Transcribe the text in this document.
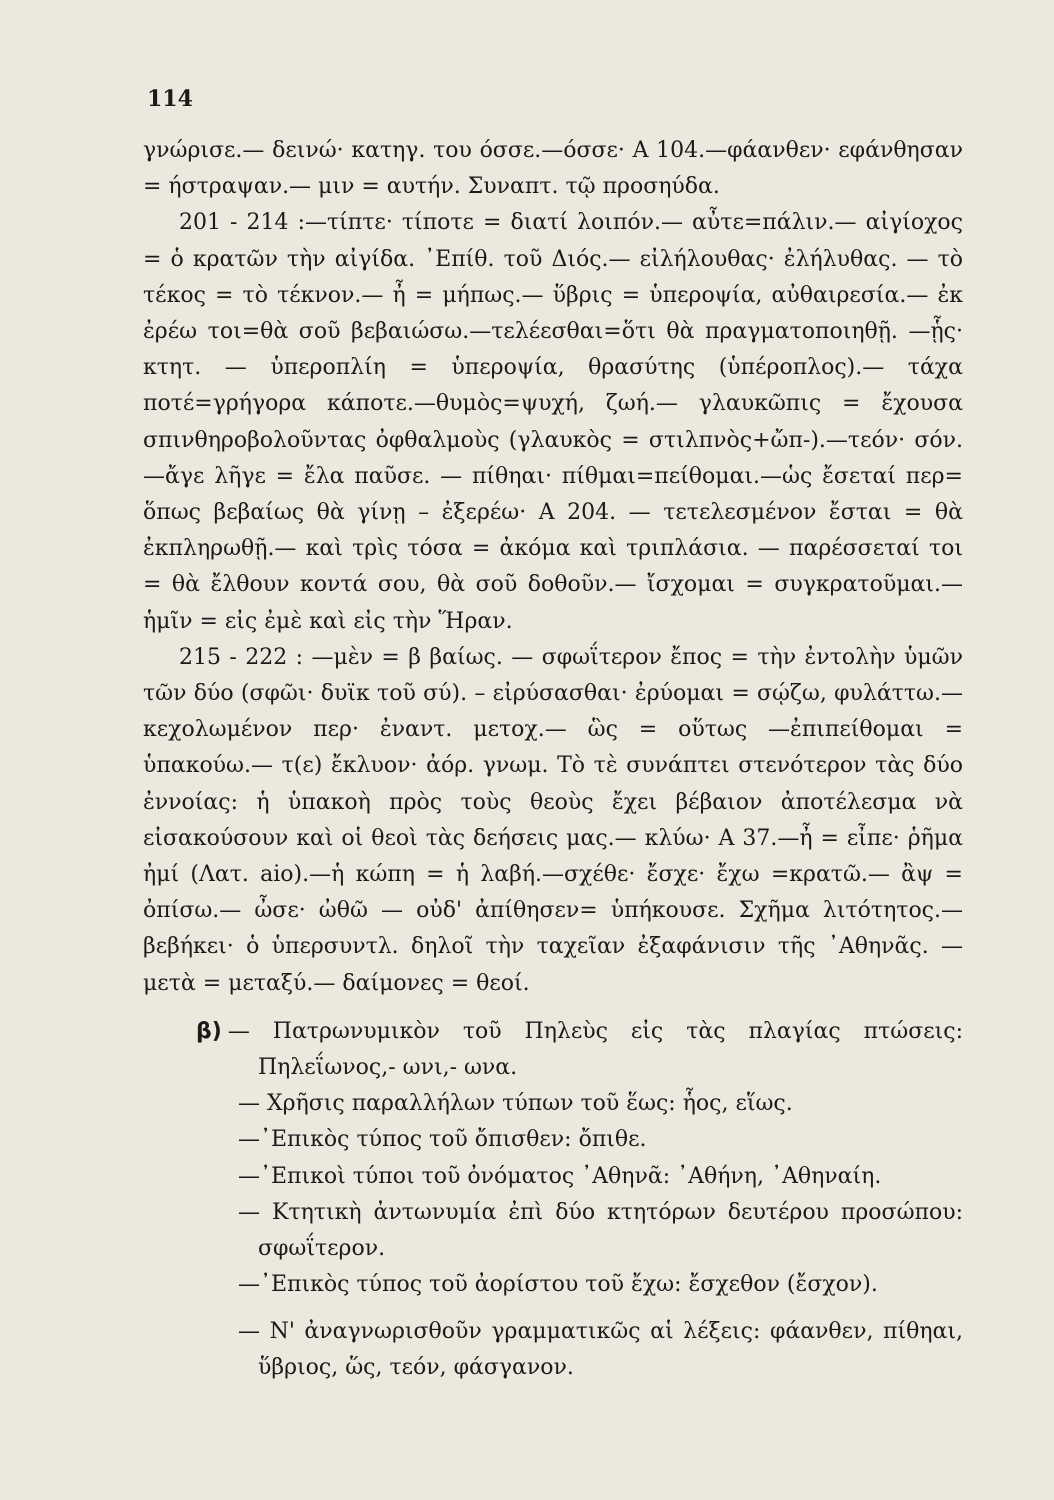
114

γνώρισε.— δεινώ· κατηγ. του όσσε.—όσσε· Α 104.—φάανθεν· εφάνθησαν = ήστραψαν.— μιν = αυτήν. Συναπτ. τῷ προσηύδα.

201 - 214 :—τίπτε· τίποτε = διατί λοιπόν.— αὖτε=πάλιν.— αἰγίοχος = ὁ κρατῶν τὴν αἰγίδα. ᾿Επίθ. τοῦ Διός.— εἰλήλουθας· ἐλήλυθας. — τὸ τέκος = τὸ τέκνον.— ἦ = μήπως.— ὕβρις = ὑπεροψία, αὐθαιρεσία.— ἐκ ἐρέω τοι=θὰ σοῦ βεβαιώσω.—τελέεσθαι=ὅτι θὰ πραγματοποιηθῇ. —ᾗς· κτητ. — ὑπεροπλίη = ὑπεροψία, θρασύτης (ὑπέροπλος).— τάχα ποτέ=γρήγορα κάποτε.—θυμὸς=ψυχή, ζωή.— γλαυκῶπις = ἔχουσα σπινθηροβολοῦντας ὀφθαλμοὺς (γλαυκὸς = στιλπνὸς+ὤπ-).—τεόν· σόν.—ἄγε λῆγε = ἔλα παῦσε. — πίθηαι· πίθμαι=πείθομαι.—ὡς ἔσεταί περ= ὅπως βεβαίως θὰ γίνῃ – ἐξερέω· Α 204. — τετελεσμένον ἔσται = θὰ ἐκπληρωθῇ.— καὶ τρὶς τόσα = ἀκόμα καὶ τριπλάσια. — παρέσσεταί τοι = θὰ ἔλθουν κοντά σου, θὰ σοῦ δοθοῦν.— ἴσχομαι = συγκρατοῦμαι.— ἡμῖν = εἰς ἐμὲ καὶ εἰς τὴν Ἥραν.

215 - 222 : —μὲν = β βαίως. — σφωΐτερον ἔπος = τὴν ἐντολὴν ὑμῶν τῶν δύο (σφῶι· δυϊκ τοῦ σύ). – εἰρύσασθαι· ἐρύομαι = σῴζω, φυλάττω.—κεχολωμένον περ· ἐναντ. μετοχ.— ὣς = οὕτως —ἐπιπείθομαι = ὑπακούω.— τ(ε) ἔκλυον· ἀόρ. γνωμ. Τὸ τὲ συνάπτει στενότερον τὰς δύο ἐννοίας: ἡ ὑπακοὴ πρὸς τοὺς θεοὺς ἔχει βέβαιον ἀποτέλεσμα νὰ εἰσακούσουν καὶ οἱ θεοὶ τὰς δεήσεις μας.— κλύω· Α 37.—ἦ = εἶπε· ῥῆμα ἠμί (Λατ. aio).—ἡ κώπη = ἡ λαβή.—σχέθε· ἔσχε· ἔχω =κρατῶ.— ἂψ = ὀπίσω.— ὦσε· ὠθῶ — οὐδ' ἀπίθησεν= ὑπήκουσε. Σχῆμα λιτότητος.— βεβήκει· ὁ ὑπερσυντλ. δηλοῖ τὴν ταχεῖαν ἐξαφάνισιν τῆς ᾿Αθηνᾶς. — μετὰ = μεταξύ.— δαίμονες = θεοί.

β) — Πατρωνυμικὸν τοῦ Πηλεὺς εἰς τὰς πλαγίας πτώσεις: Πηλεΐωνος,- ωνι,- ωνα.

— Χρῆσις παραλλήλων τύπων τοῦ ἕως: ἧος, εἵως.

—᾿Επικὸς τύπος τοῦ ὄπισθεν: ὄπιθε.

—᾿Επικοὶ τύποι τοῦ ὀνόματος ᾿Αθηνᾶ: ᾿Αθήνη, ᾿Αθηναίη.

— Κτητικὴ ἀντωνυμία ἐπὶ δύο κτητόρων δευτέρου προσώπου: σφωΐτερον.

—᾿Επικὸς τύπος τοῦ ἀορίστου τοῦ ἔχω: ἔσχεθον (ἔσχον).

— Ν' ἀναγνωρισθοῦν γραμματικῶς αἱ λέξεις: φάανθεν, πίθηαι, ὕβριος, ὥς, τεόν, φάσγανον.
